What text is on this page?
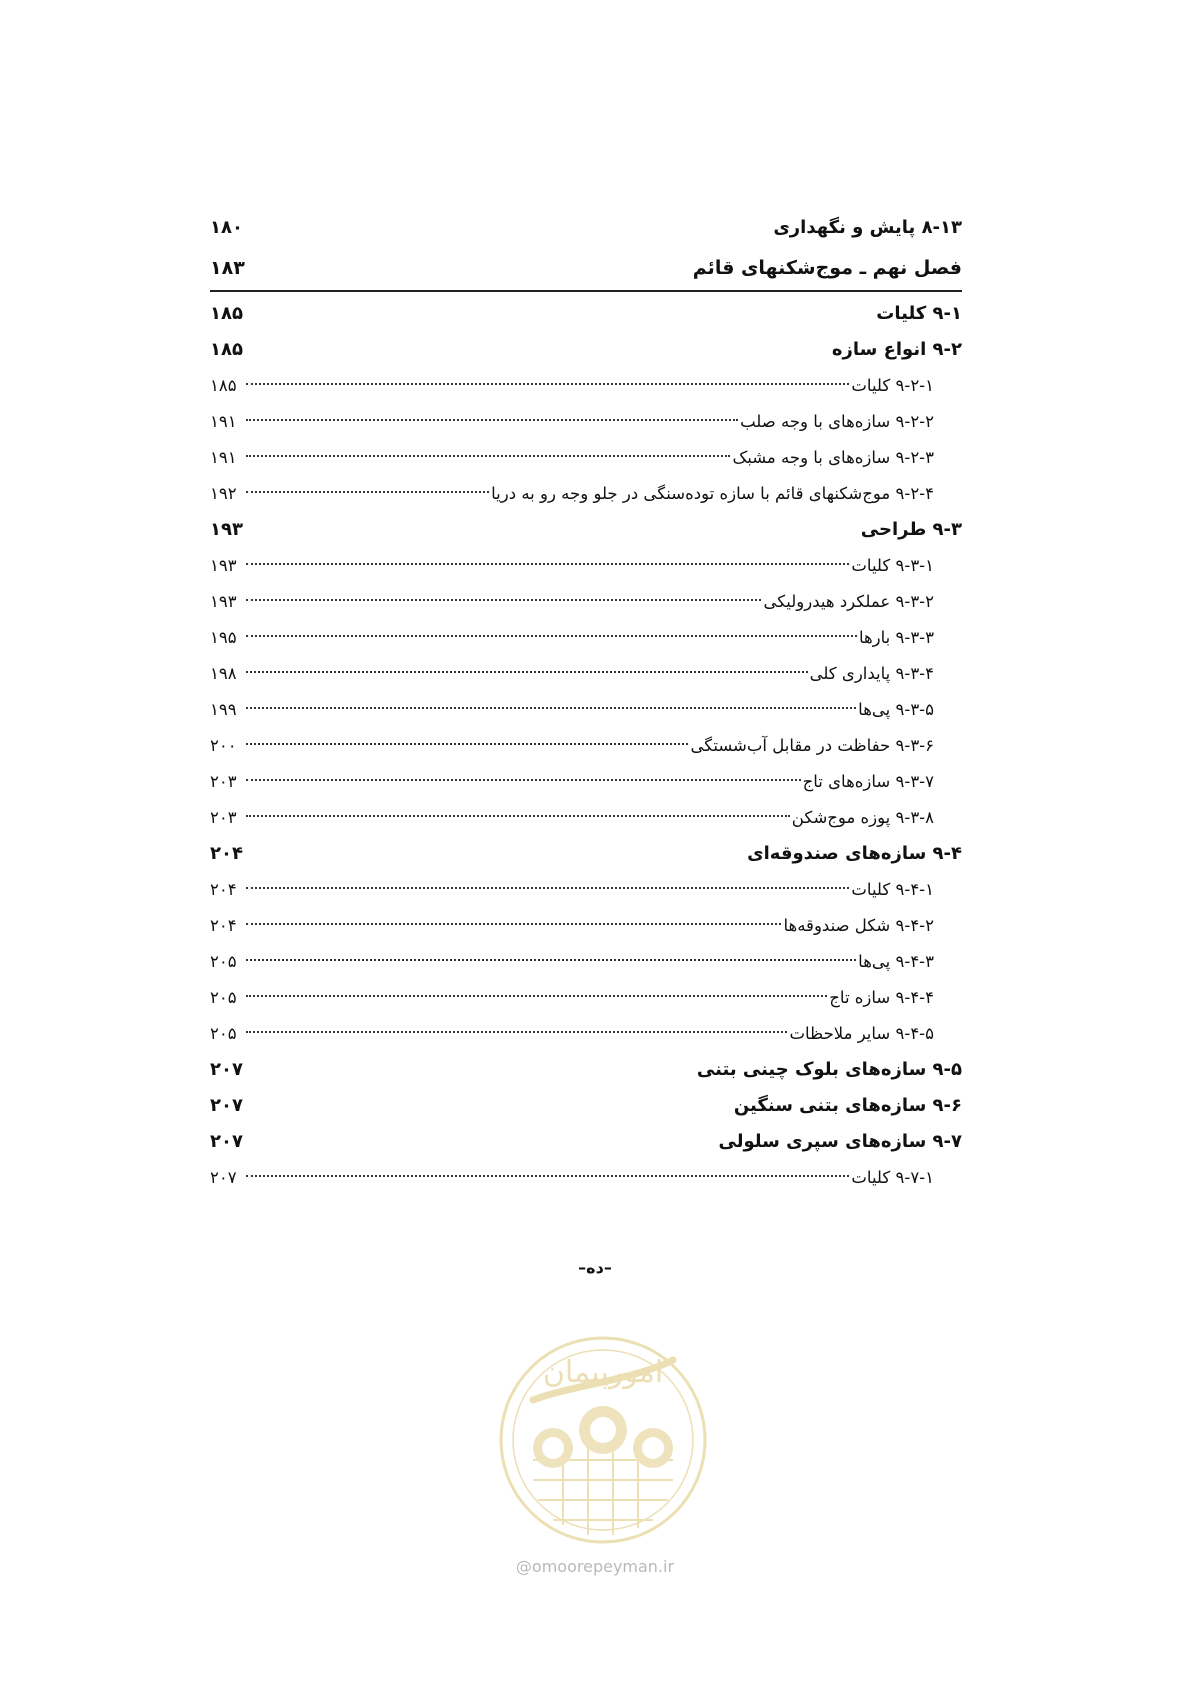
۸-۱۳ پایش و نگهداری
۱۸۰
فصل نهم ـ موج‌شکنهای قائم
۱۸۳
۹-۱ کلیات
۱۸۵
۹-۲ انواع سازه
۱۸۵
۹-۲-۱ کلیات
۱۸۵
۹-۲-۲ سازه‌های با وجه صلب
۱۹۱
۹-۲-۳ سازه‌های با وجه مشبک
۱۹۱
۹-۲-۴ موج‌شکنهای قائم با سازه توده‌سنگی در جلو وجه رو به دریا
۱۹۲
۹-۳ طراحی
۱۹۳
۹-۳-۱ کلیات
۱۹۳
۹-۳-۲ عملکرد هیدرولیکی
۱۹۳
۹-۳-۳ بارها
۱۹۵
۹-۳-۴ پایداری کلی
۱۹۸
۹-۳-۵ پی‌ها
۱۹۹
۹-۳-۶ حفاظت در مقابل آب‌شستگی
۲۰۰
۹-۳-۷ سازه‌های تاج
۲۰۳
۹-۳-۸ پوزه موج‌شکن
۲۰۳
۹-۴ سازه‌های صندوقه‌ای
۲۰۴
۹-۴-۱ کلیات
۲۰۴
۹-۴-۲ شکل صندوقه‌ها
۲۰۴
۹-۴-۳ پی‌ها
۲۰۵
۹-۴-۴ سازه تاج
۲۰۵
۹-۴-۵ سایر ملاحظات
۲۰۵
۹-۵ سازه‌های بلوک چینی بتنی
۲۰۷
۹-۶ سازه‌های بتنی سنگین
۲۰۷
۹-۷ سازه‌های سپری سلولی
۲۰۷
۹-۷-۱ کلیات
۲۰۷
–ده–
امورپیمان
@omoorepeyman.ir
